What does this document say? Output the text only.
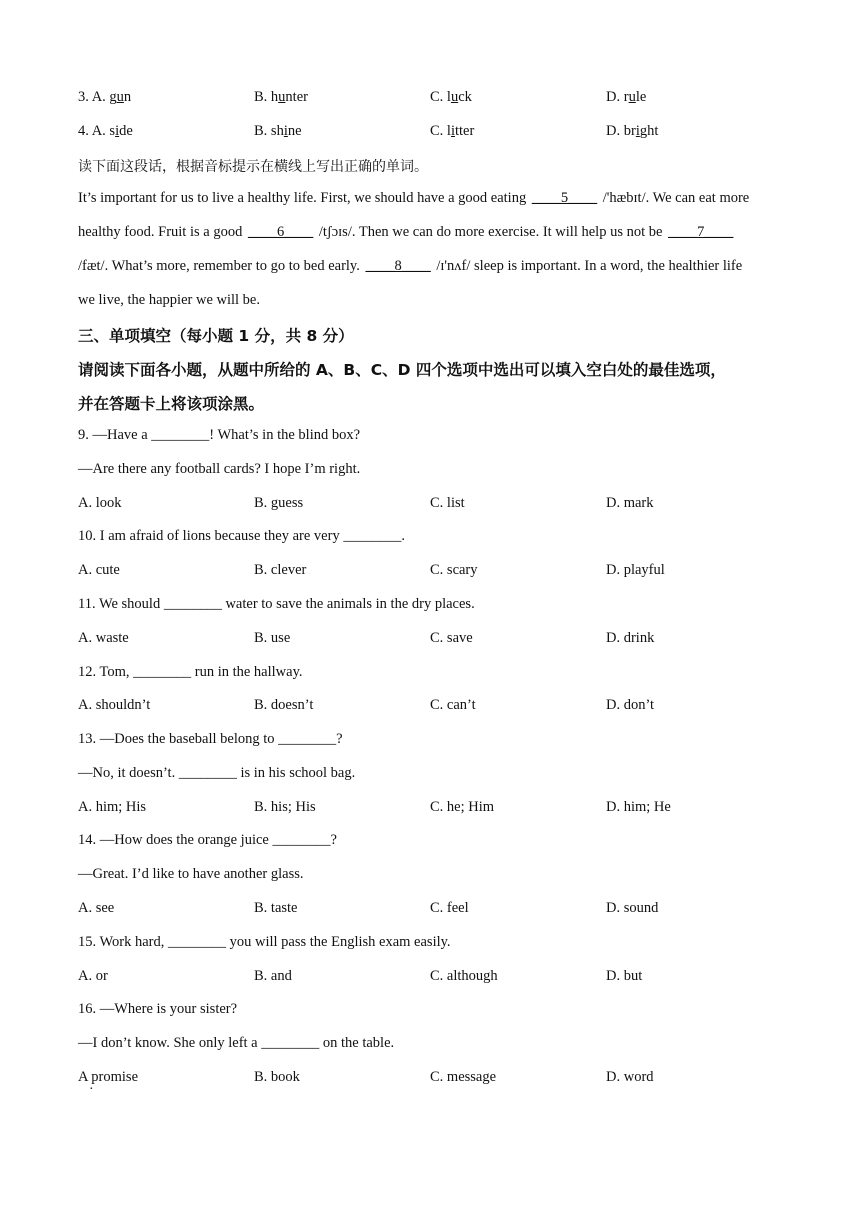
3. A. gun	B. hunter	C. luck	D. rule
4. A. side	B. shine	C. litter	D. bright
读下面这段话，根据音标提示在横线上写出正确的单词。
It’s important for us to live a healthy life. First, we should have a good eating ____5____ /'hæbɪt/. We can eat more
healthy food. Fruit is a good ____6____ /tʃɔɪs/. Then we can do more exercise. It will help us not be ____7____
/fæt/. What’s more, remember to go to bed early. ____8____ /ɪ'nʌf/ sleep is important. In a word, the healthier life
we live, the happier we will be.
三、单项填空（每小题 1 分，共 8 分）
请阅读下面各小题，从题中所给的 A、B、C、D 四个选项中选出可以填入空白处的最佳选项，
并在答题卡上将该项涂黑。
9. —Have a ________! What’s in the blind box?
—Are there any football cards? I hope I’m right.
A. look	B. guess	C. list	D. mark
10. I am afraid of lions because they are very ________.
A. cute	B. clever	C. scary	D. playful
11. We should ________ water to save the animals in the dry places.
A. waste	B. use	C. save	D. drink
12. Tom, ________ run in the hallway.
A. shouldn’t	B. doesn’t	C. can’t	D. don’t
13. —Does the baseball belong to ________?
—No, it doesn’t. ________ is in his school bag.
A. him; His	B. his; His	C. he; Him	D. him; He
14. —How does the orange juice ________?
—Great. I’d like to have another glass.
A. see	B. taste	C. feel	D. sound
15. Work hard, ________ you will pass the English exam easily.
A. or	B. and	C. although	D. but
16. —Where is your sister?
—I don’t know. She only left a ________ on the table.
A promise	B. book	C. message	D. word
·
